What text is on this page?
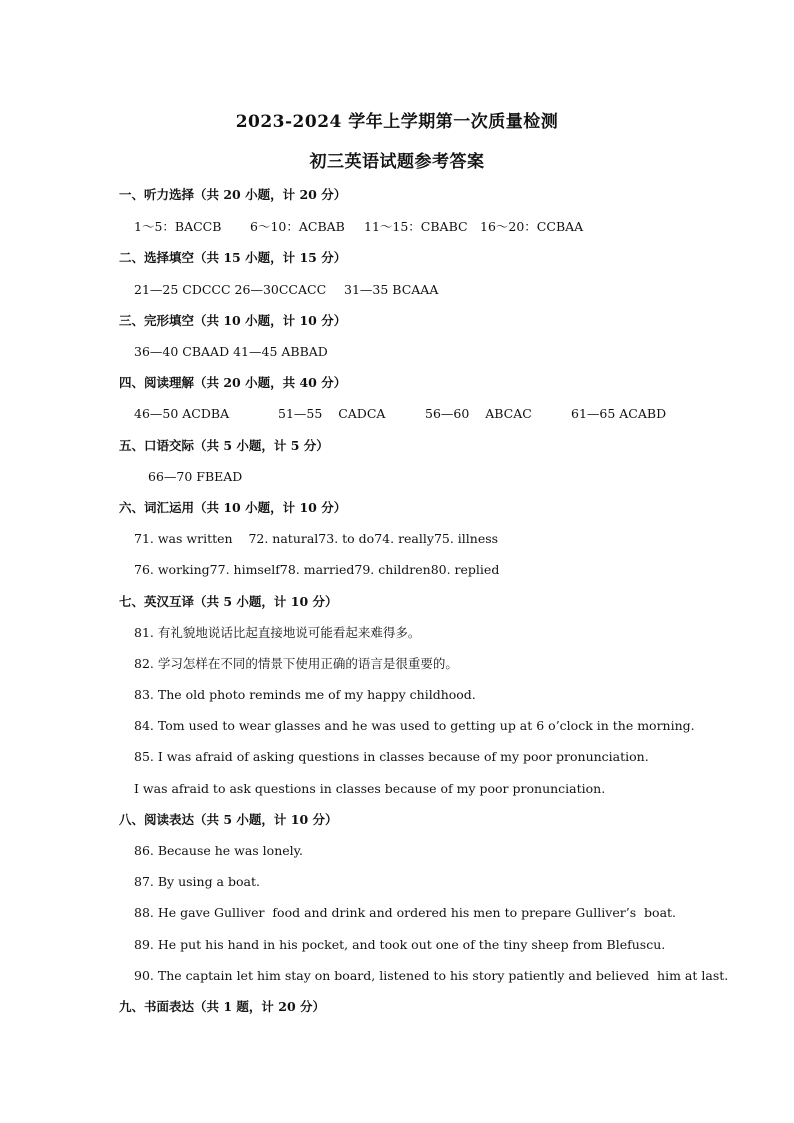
2023-2024 学年上学期第一次质量检测
初三英语试题参考答案
一、听力选择（共 20 小题，计 20 分）
1～5：BACCB 6～10：ACBAB 11～15：CBABC 16～20：CCBAA
二、选择填空（共 15 小题，计 15 分）
21—25 CDCCC 26—30CCACC 31—35 BCAAA
三、完形填空（共 10 小题，计 10 分）
36—40 CBAAD 41—45 ABBAD
四、阅读理解（共 20 小题，共 40 分）
46—50 ACDBA	51—55    CADCA	56—60    ABCAC	61—65 ACABD
五、口语交际（共 5 小题，计 5 分）
66—70 FBEAD
六、词汇运用（共 10 小题，计 10 分）
71. was written    72. natural73. to do74. really75. illness
76. working77. himself78. married79. children80. replied
七、英汉互译（共 5 小题，计 10 分）
81. 有礼貌地说话比起直接地说可能看起来难得多。
82. 学习怎样在不同的情景下使用正确的语言是很重要的。
83. The old photo reminds me of my happy childhood.
84. Tom used to wear glasses and he was used to getting up at 6 o’clock in the morning.
85. I was afraid of asking questions in classes because of my poor pronunciation.
I was afraid to ask questions in classes because of my poor pronunciation.
八、阅读表达（共 5 小题，计 10 分）
86. Because he was lonely.
87. By using a boat.
88. He gave Gulliver  food and drink and ordered his men to prepare Gulliver’s  boat.
89. He put his hand in his pocket, and took out one of the tiny sheep from Blefuscu.
90. The captain let him stay on board, listened to his story patiently and believed  him at last.
九、书面表达（共 1 题，计 20 分）
